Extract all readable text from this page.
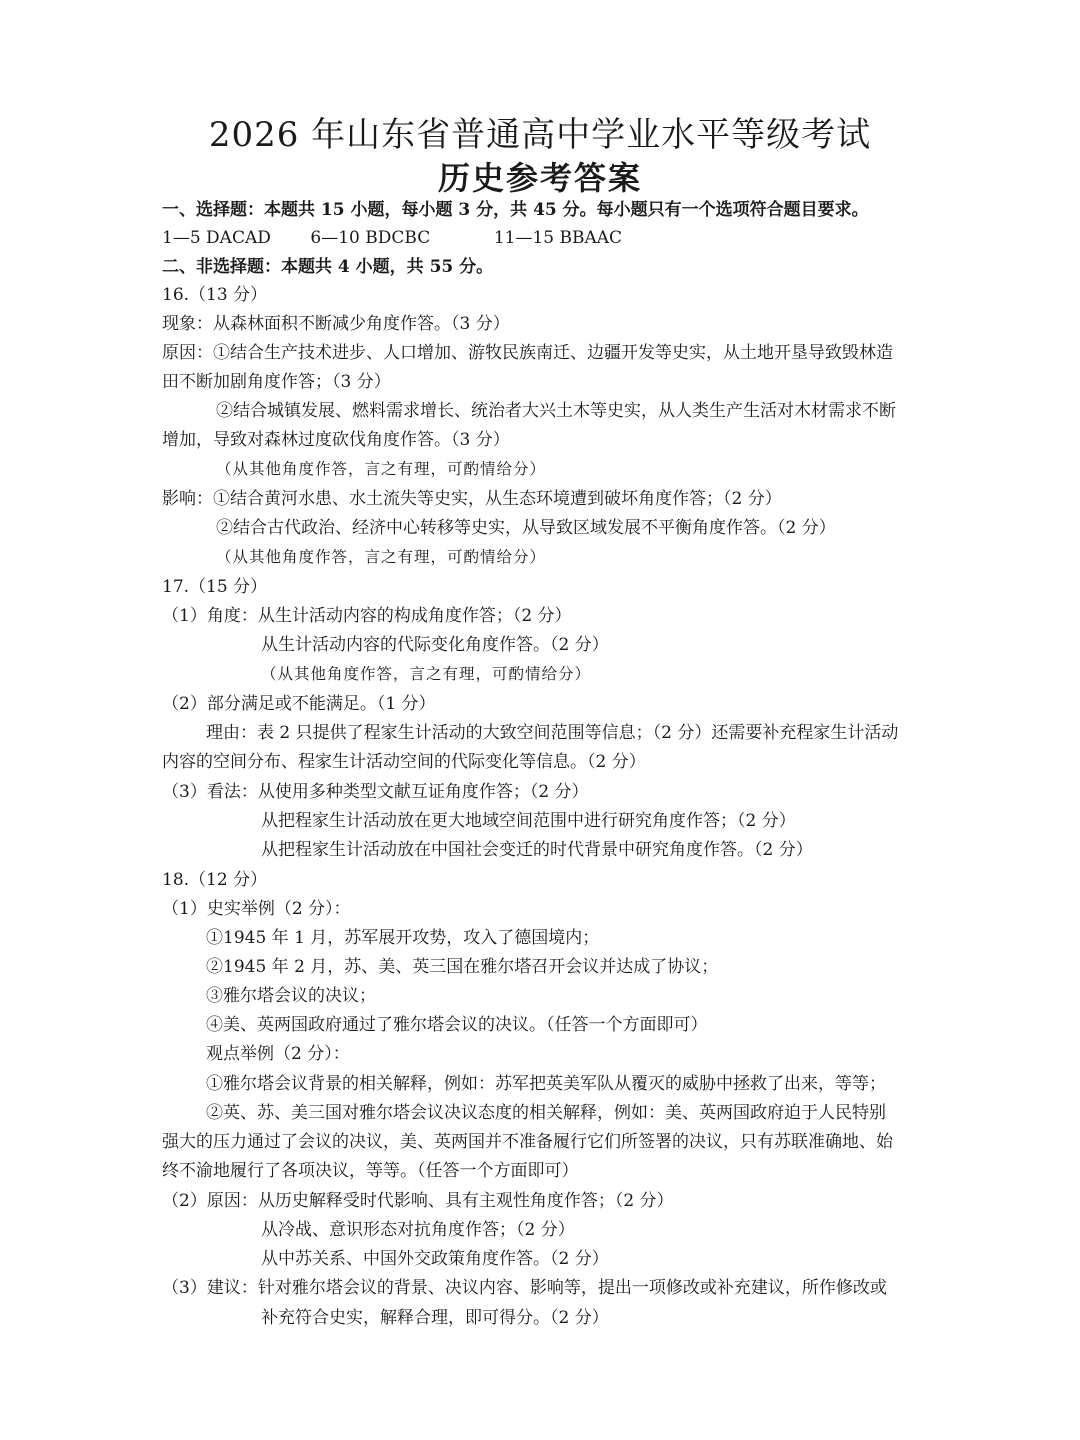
2026 年山东省普通高中学业水平等级考试
历史参考答案
一、选择题：本题共 15 小题，每小题 3 分，共 45 分。每小题只有一个选项符合题目要求。
1—5 DACAD 6—10 BDCBC	11—15 BBAAC
二、非选择题：本题共 4 小题，共 55 分。
16.（13 分）
现象：从森林面积不断减少角度作答。（3 分）
原因：①结合生产技术进步、人口增加、游牧民族南迁、边疆开发等史实，从土地开垦导致毁林造
田不断加剧角度作答；（3 分）
②结合城镇发展、燃料需求增长、统治者大兴土木等史实，从人类生产生活对木材需求不断
增加，导致对森林过度砍伐角度作答。（3 分）
（从其他角度作答，言之有理，可酌情给分）
影响：①结合黄河水患、水土流失等史实，从生态环境遭到破坏角度作答；（2 分）
②结合古代政治、经济中心转移等史实，从导致区域发展不平衡角度作答。（2 分）
（从其他角度作答，言之有理，可酌情给分）
17.（15 分）
（1）角度：从生计活动内容的构成角度作答；（2 分）
从生计活动内容的代际变化角度作答。（2 分）
（从其他角度作答，言之有理，可酌情给分）
（2）部分满足或不能满足。（1 分）
理由：表 2 只提供了程家生计活动的大致空间范围等信息；（2 分）还需要补充程家生计活动
内容的空间分布、程家生计活动空间的代际变化等信息。（2 分）
（3）看法：从使用多种类型文献互证角度作答；（2 分）
从把程家生计活动放在更大地域空间范围中进行研究角度作答；（2 分）
从把程家生计活动放在中国社会变迁的时代背景中研究角度作答。（2 分）
18.（12 分）
（1）史实举例（2 分）：
①1945 年 1 月，苏军展开攻势，攻入了德国境内；
②1945 年 2 月，苏、美、英三国在雅尔塔召开会议并达成了协议；
③雅尔塔会议的决议；
④美、英两国政府通过了雅尔塔会议的决议。（任答一个方面即可）
观点举例（2 分）：
①雅尔塔会议背景的相关解释，例如：苏军把英美军队从覆灭的威胁中拯救了出来，等等；
②英、苏、美三国对雅尔塔会议决议态度的相关解释，例如：美、英两国政府迫于人民特别
强大的压力通过了会议的决议，美、英两国并不准备履行它们所签署的决议，只有苏联准确地、始
终不渝地履行了各项决议，等等。（任答一个方面即可）
（2）原因：从历史解释受时代影响、具有主观性角度作答；（2 分）
从冷战、意识形态对抗角度作答；（2 分）
从中苏关系、中国外交政策角度作答。（2 分）
（3）建议：针对雅尔塔会议的背景、决议内容、影响等，提出一项修改或补充建议，所作修改或
补充符合史实，解释合理，即可得分。（2 分）
